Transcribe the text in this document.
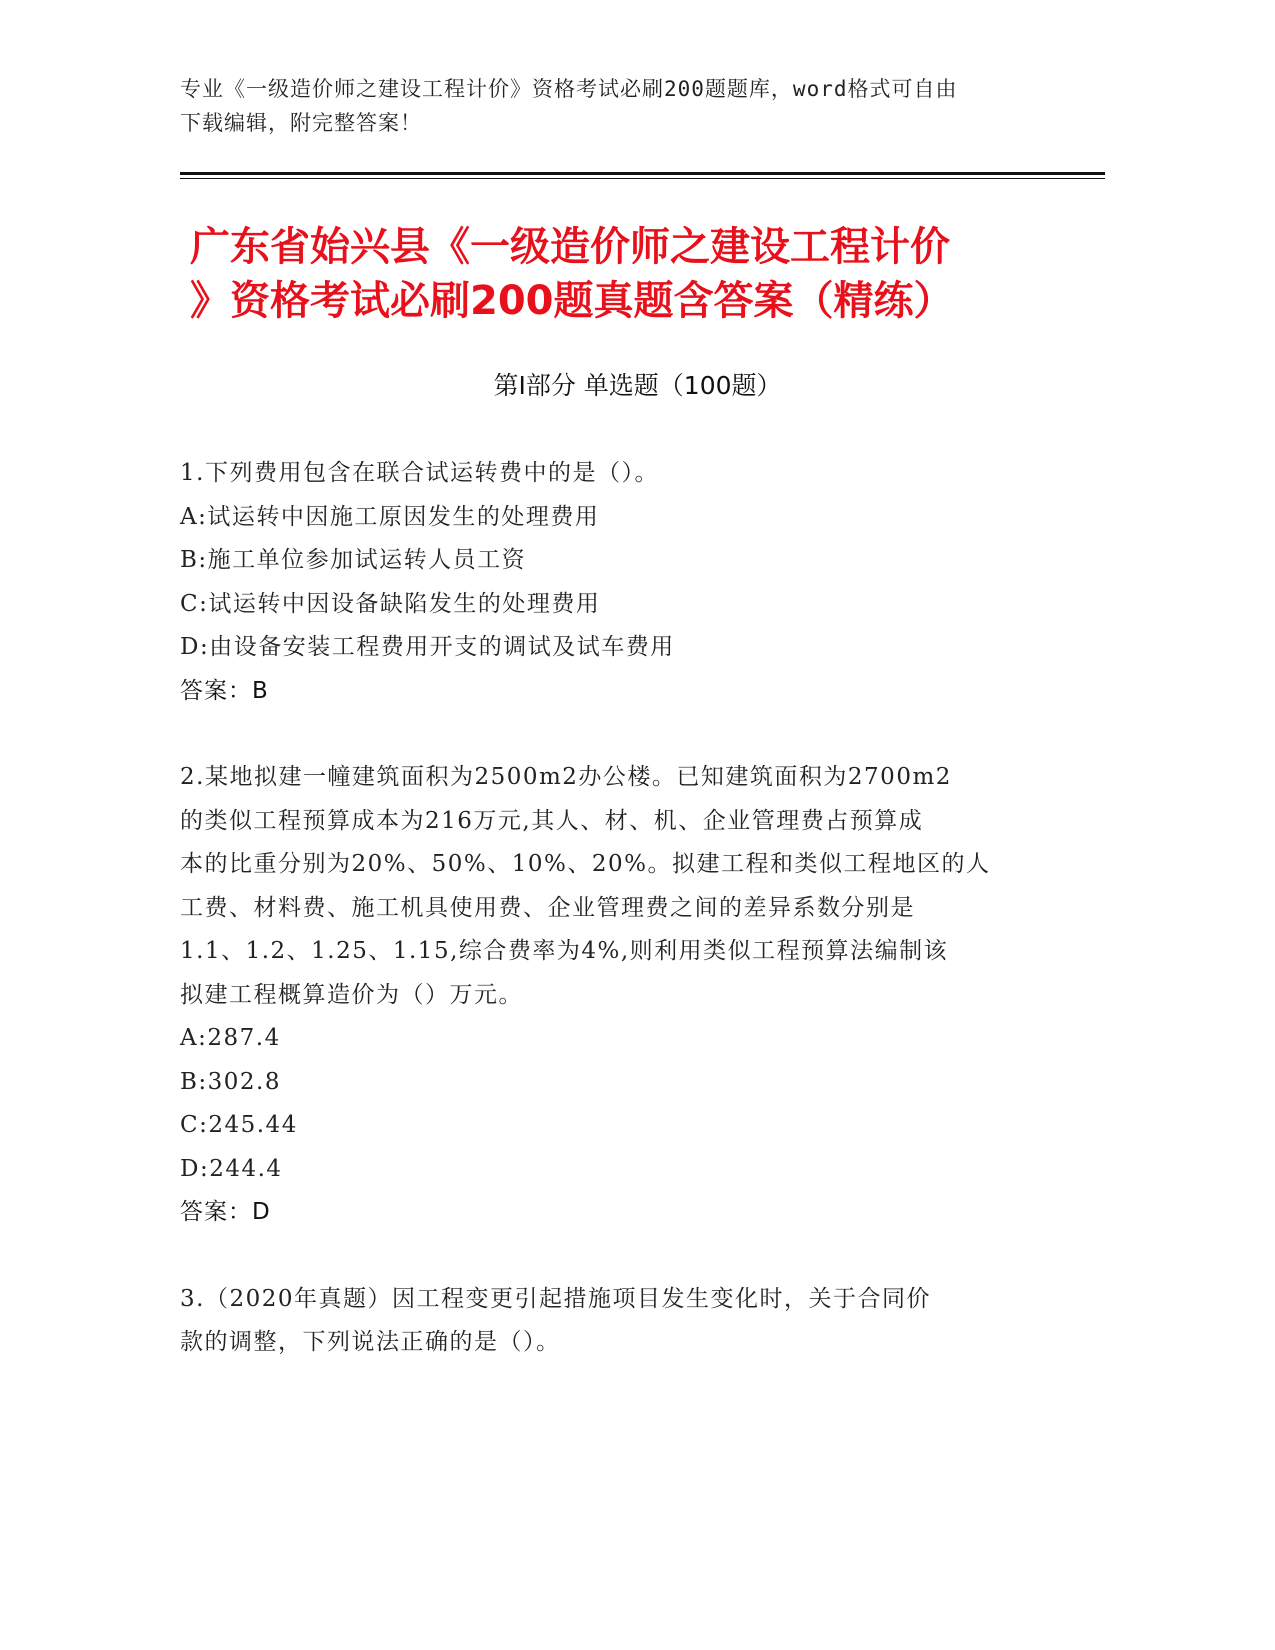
专业《一级造价师之建设工程计价》资格考试必刷200题题库，word格式可自由
下载编辑，附完整答案！
广东省始兴县《一级造价师之建设工程计价
》资格考试必刷200题真题含答案（精练）
第I部分 单选题（100题）
1.下列费用包含在联合试运转费中的是（）。
A:试运转中因施工原因发生的处理费用
B:施工单位参加试运转人员工资
C:试运转中因设备缺陷发生的处理费用
D:由设备安装工程费用开支的调试及试车费用
答案：B
2.某地拟建一幢建筑面积为2500m2办公楼。已知建筑面积为2700m2
的类似工程预算成本为216万元,其人、材、机、企业管理费占预算成
本的比重分别为20%、50%、10%、20%。拟建工程和类似工程地区的人
工费、材料费、施工机具使用费、企业管理费之间的差异系数分别是
1.1、1.2、1.25、1.15,综合费率为4%,则利用类似工程预算法编制该
拟建工程概算造价为（）万元。
A:287.4
B:302.8
C:245.44
D:244.4
答案：D
3.（2020年真题）因工程变更引起措施项目发生变化时，关于合同价
款的调整，下列说法正确的是（）。
